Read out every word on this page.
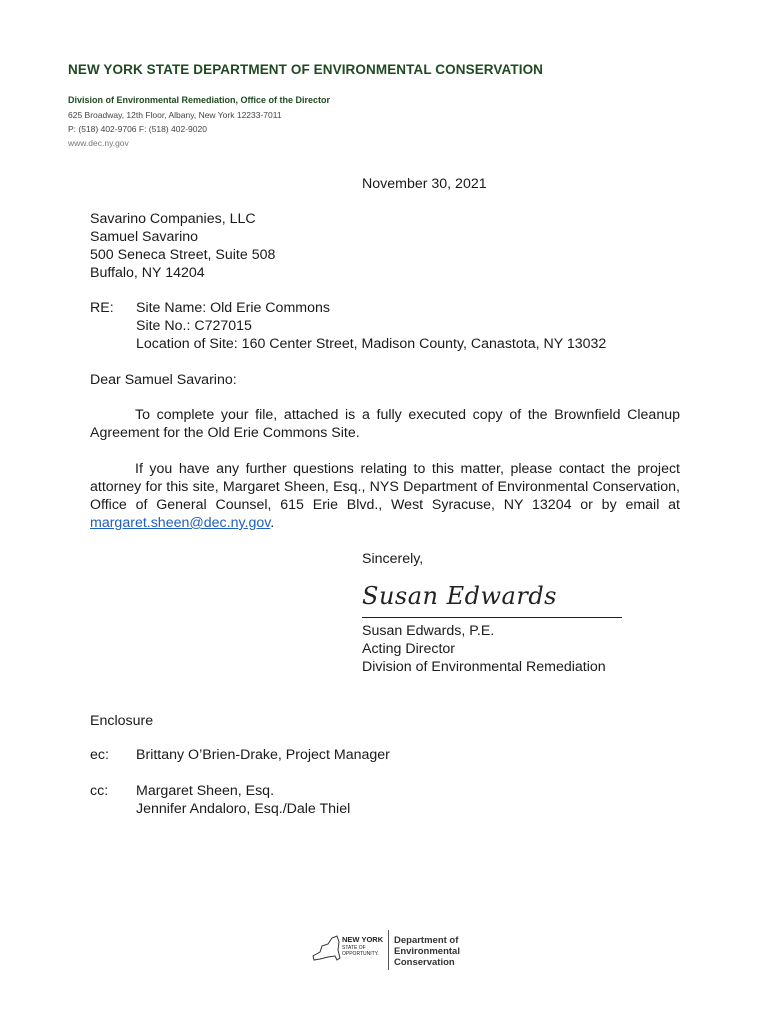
NEW YORK STATE DEPARTMENT OF ENVIRONMENTAL CONSERVATION
Division of Environmental Remediation, Office of the Director
625 Broadway, 12th Floor, Albany, New York 12233-7011
P: (518) 402-9706 F: (518) 402-9020
www.dec.ny.gov
November 30, 2021
Savarino Companies, LLC
Samuel Savarino
500 Seneca Street, Suite 508
Buffalo, NY 14204
RE: Site Name: Old Erie Commons
Site No.: C727015
Location of Site: 160 Center Street, Madison County, Canastota, NY 13032
Dear Samuel Savarino:
To complete your file, attached is a fully executed copy of the Brownfield Cleanup Agreement for the Old Erie Commons Site.
If you have any further questions relating to this matter, please contact the project attorney for this site, Margaret Sheen, Esq., NYS Department of Environmental Conservation, Office of General Counsel, 615 Erie Blvd., West Syracuse, NY 13204 or by email at margaret.sheen@dec.ny.gov.
Sincerely,
Susan Edwards
Susan Edwards, P.E.
Acting Director
Division of Environmental Remediation
Enclosure
ec: Brittany O’Brien-Drake, Project Manager
cc: Margaret Sheen, Esq.
Jennifer Andaloro, Esq./Dale Thiel
NEW YORK
STATE OF
OPPORTUNITY.
Department of
Environmental
Conservation
